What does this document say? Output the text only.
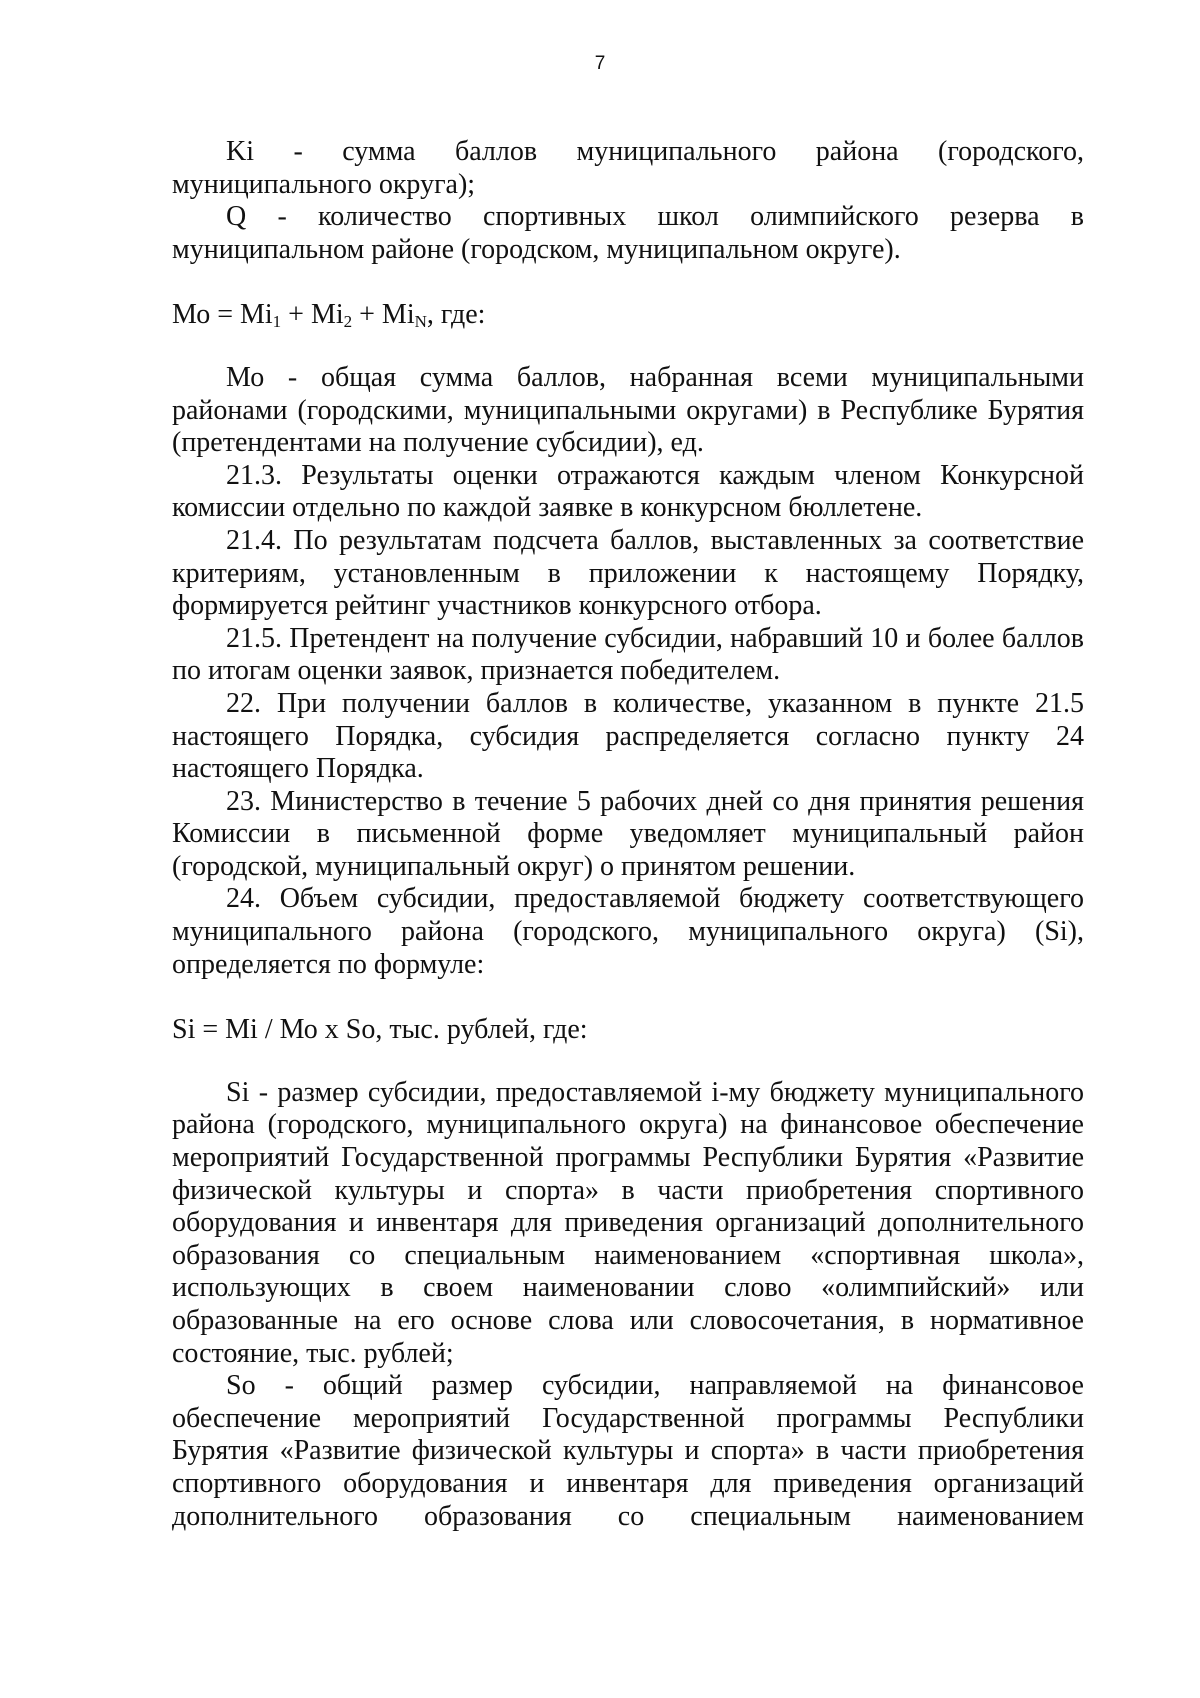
7

Ki - сумма баллов муниципального района (городского, муниципального округа);

Q - количество спортивных школ олимпийского резерва в муниципальном районе (городском, муниципальном округе).

Мо = $Mi_1 + Mi_2 + Mi_N$, где:

Мо - общая сумма баллов, набранная всеми муниципальными районами (городскими, муниципальными округами) в Республике Бурятия (претендентами на получение субсидии), ед.

21.3. Результаты оценки отражаются каждым членом Конкурсной комиссии отдельно по каждой заявке в конкурсном бюллетене.

21.4. По результатам подсчета баллов, выставленных за соответствие критериям, установленным в приложении к настоящему Порядку, формируется рейтинг участников конкурсного отбора.

21.5. Претендент на получение субсидии, набравший 10 и более баллов по итогам оценки заявок, признается победителем.

22. При получении баллов в количестве, указанном в пункте 21.5 настоящего Порядка, субсидия распределяется согласно пункту 24 настоящего Порядка.

23. Министерство в течение 5 рабочих дней со дня принятия решения Комиссии в письменной форме уведомляет муниципальный район (городской, муниципальный округ) о принятом решении.

24. Объем субсидии, предоставляемой бюджету соответствующего муниципального района (городского, муниципального округа) (Si), определяется по формуле:

Si = Mi / Мо х So, тыс. рублей, где:

Si - размер субсидии, предоставляемой i-му бюджету муниципального района (городского, муниципального округа) на финансовое обеспечение мероприятий Государственной программы Республики Бурятия «Развитие физической культуры и спорта» в части приобретения спортивного оборудования и инвентаря для приведения организаций дополнительного образования со специальным наименованием «спортивная школа», использующих в своем наименовании слово «олимпийский» или образованные на его основе слова или словосочетания, в нормативное состояние, тыс. рублей;

So - общий размер субсидии, направляемой на финансовое обеспечение мероприятий Государственной программы Республики Бурятия «Развитие физической культуры и спорта» в части приобретения спортивного оборудования и инвентаря для приведения организаций дополнительного образования со специальным наименованием
